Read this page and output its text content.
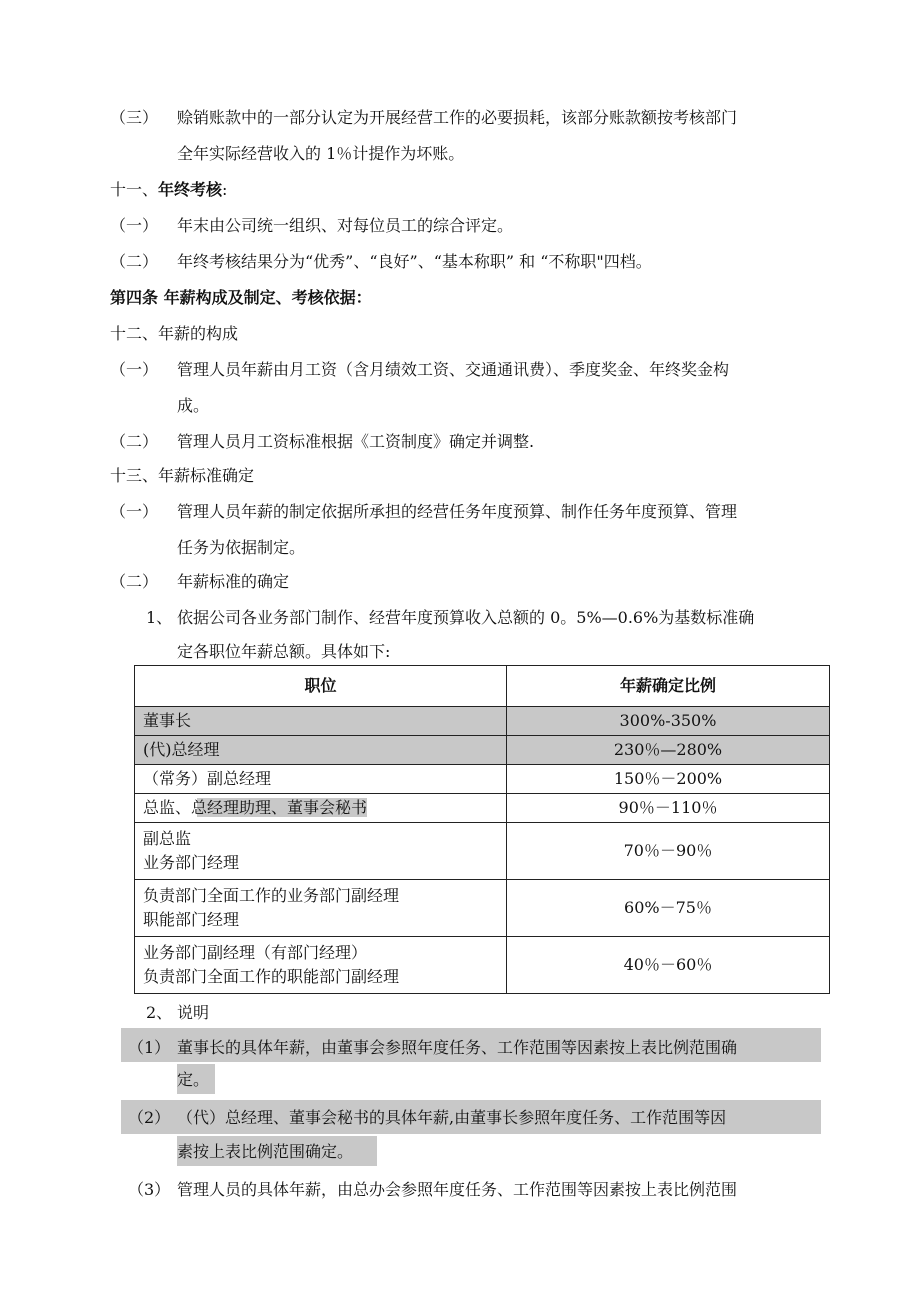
（三） 赊销账款中的一部分认定为开展经营工作的必要损耗，该部分账款额按考核部门
全年实际经营收入的 1％计提作为坏账。
十一、年终考核:
（一） 年末由公司统一组织、对每位员工的综合评定。
（二） 年终考核结果分为“优秀”、“良好”、“基本称职” 和 “不称职"四档。
第四条 年薪构成及制定、考核依据：
十二、年薪的构成
（一） 管理人员年薪由月工资（含月绩效工资、交通通讯费）、季度奖金、年终奖金构
成。
（二） 管理人员月工资标准根据《工资制度》确定并调整.
十三、年薪标准确定
（一） 管理人员年薪的制定依据所承担的经营任务年度预算、制作任务年度预算、管理
任务为依据制定。
（二） 年薪标准的确定
1、 依据公司各业务部门制作、经营年度预算收入总额的 0。5%—0.6%为基数标准确
定各职位年薪总额。具体如下:
职位	年薪确定比例
董事长	300%-350%
(代)总经理	230％—280%
（常务）副总经理	150％－200%
总监、总经理助理、董事会秘书	90％－110％

副总监
业务部门经理	70％－90％

负责部门全面工作的业务部门副经理
职能部门经理	60%－75％

业务部门副经理（有部门经理）
负责部门全面工作的职能部门副经理	40％－60％
2、 说明
（1） 董事长的具体年薪，由董事会参照年度任务、工作范围等因素按上表比例范围确
定。
（2） （代）总经理、董事会秘书的具体年薪,由董事长参照年度任务、工作范围等因
素按上表比例范围确定。
（3） 管理人员的具体年薪，由总办会参照年度任务、工作范围等因素按上表比例范围
